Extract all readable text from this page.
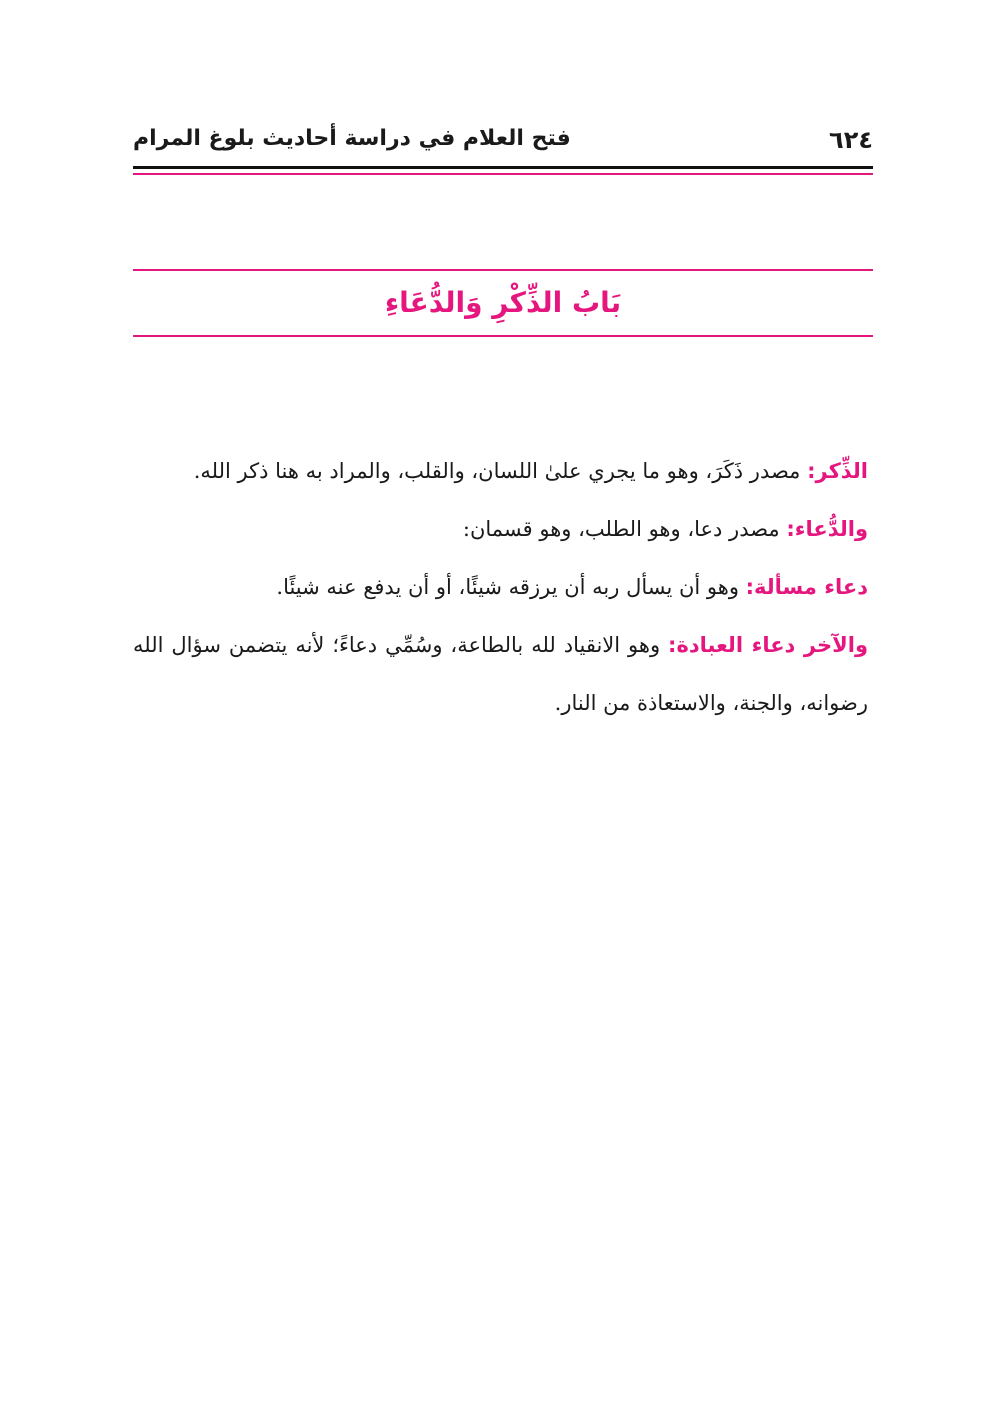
٦٢٤
فتح العلام في دراسة أحاديث بلوغ المرام
بَابُ الذِّكْرِ وَالدُّعَاءِ

الذِّكر: مصدر ذَكَرَ، وهو ما يجري علىٰ اللسان، والقلب، والمراد به هنا ذكر الله.

والدُّعاء: مصدر دعا، وهو الطلب، وهو قسمان:

دعاء مسألة: وهو أن يسأل ربه أن يرزقه شيئًا، أو أن يدفع عنه شيئًا.

والآخر دعاء العبادة: وهو الانقياد لله بالطاعة، وسُمِّي دعاءً؛ لأنه يتضمن سؤال الله رضوانه، والجنة، والاستعاذة من النار.
